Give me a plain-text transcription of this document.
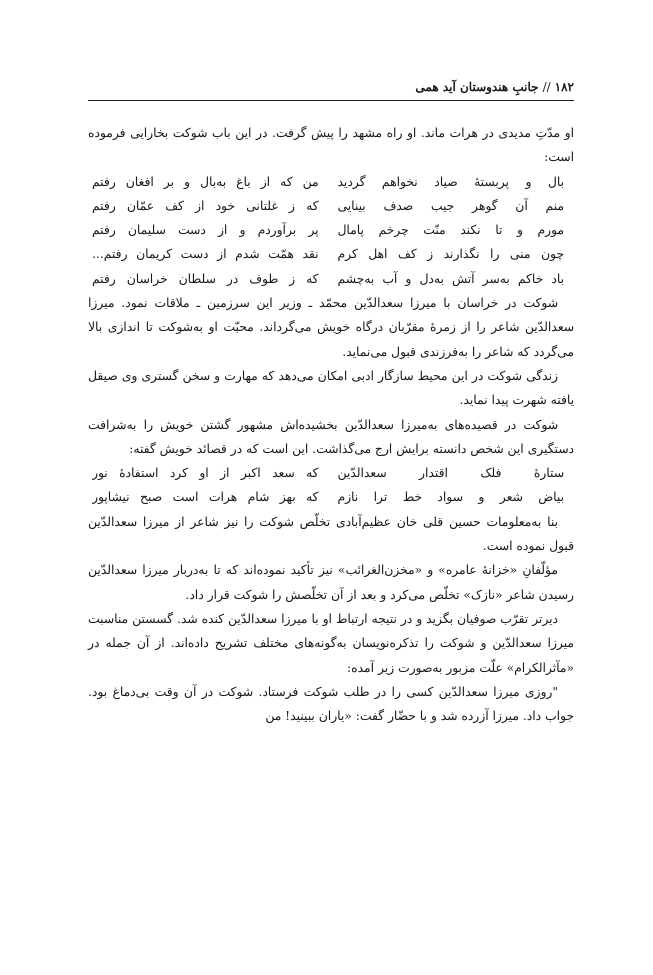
۱۸۲
//
جانبِ هندوستان آید همی
او مدّتِ مدیدی در هرات ماند. او راه مشهد را پیش گرفت. در این باب شوکت بخارایی فرموده است:
بال و پربستهٔ صیاد نخواهم گردید
من که از باغ به‌بال و بر افغان رفتم
منم آن گوهر جیب صدف بینایی
که ز غلتانی خود از کف عمّان رفتم
مورم و تا نکند منّت چرخم پامال
پر برآوردم و از دست سلیمان رفتم
چون منی را نگذارند ز کف اهل کرم
نقد همّت شدم از دست کریمان رفتم...
باد خاکم به‌سر آتش به‌دل و آب به‌چشم
که ز طوف در سلطان خراسان رفتم
شوکت در خراسان با میرزا سعدالدّین محمّد ـ وزیر این سرزمین ـ ملاقات نمود. میرزا سعدالدّین شاعر را از زمرهٔ مقرّبان درگاه خویش می‌گرداند. محبّت او به‌شوکت تا اندازی بالا می‌گردد که شاعر را به‌فرزندی قبول می‌نماید.
زندگی شوکت در این محیط سازگار ادبی امکان می‌دهد که مهارت و سخن گستری وی صیقل یافته شهرت پیدا نماید.
شوکت در قصیده‌های به‌میرزا سعدالدّین بخشیده‌اش مشهور گشتن خویش را به‌شرافت دستگیری این شخص دانسته برایش ارج می‌گذاشت. این است که در قصائد خویش گفته:
ستارهٔ فلک اقتدار سعدالدّین
که سعد اکبر از او کرد استفادهٔ نور
بیاض شعر و سواد خط ترا نازم
که بهز شام هرات است صبح نیشاپور
بنا به‌معلومات حسین قلی خان عظیم‌آبادی تخلّص شوکت را نیز شاعر از میرزا سعدالدّین قبول نموده است.
مؤلّفانِ «خزانهٔ عامره» و «مخزن‌الغرائب» نیز تأکید نموده‌اند که تا به‌دربار میرزا سعدالدّین رسیدن شاعر «نازک» تخلّص می‌کرد و بعد از آن تخلّصش را شوکت قرار داد.
دیرتر تقرّب صوفیان بگزید و در نتیجه ارتباط او با میرزا سعدالدّین کنده شد. گسستن مناسبت میرزا سعدالدّین و شوکت را تذکره‌نویسان به‌گونه‌های مختلف تشریح داده‌اند. از آن جمله در «مآثرالکرام» علّت مزبور به‌صورت زیر آمده:
"روزی میرزا سعدالدّین کسی را در طلب شوکت فرستاد. شوکت در آن وقت بی‌دماغ بود. جواب داد. میرزا آزرده شد و با حضّار گفت: «یاران ببینید! من
